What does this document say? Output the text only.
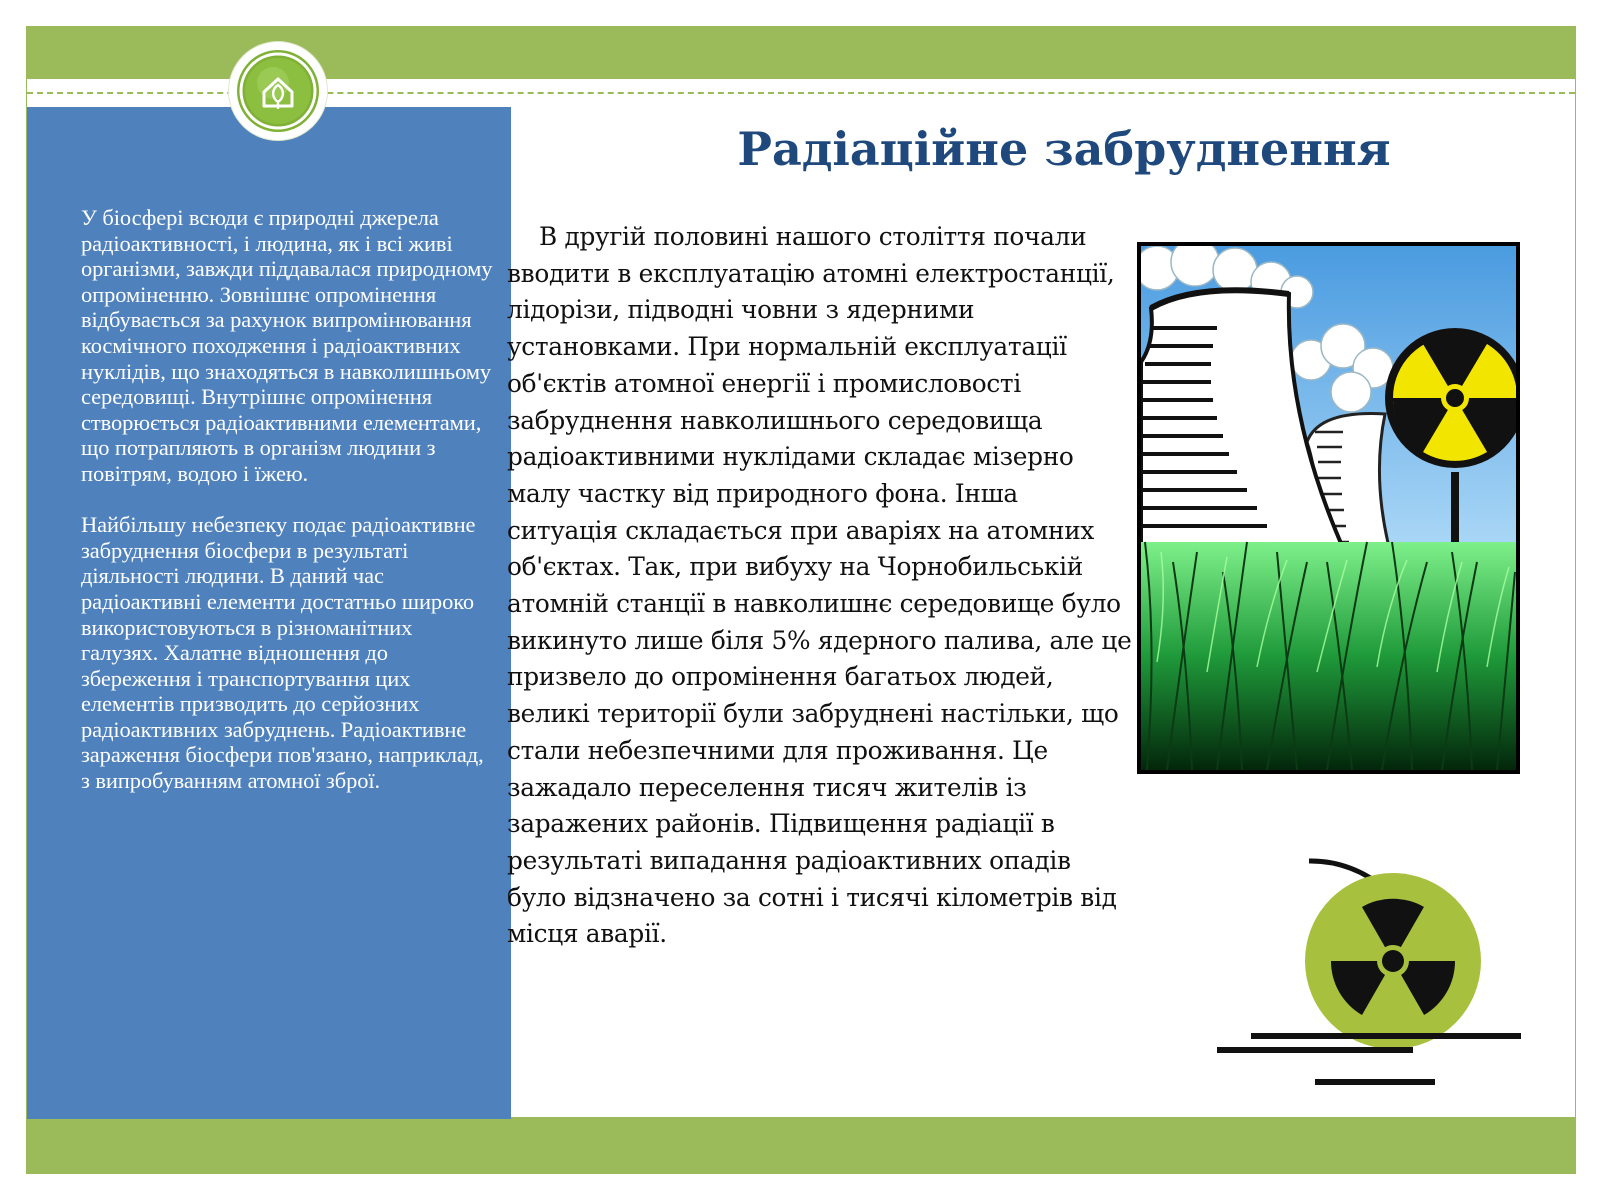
У біосфері всюди є природні джерела радіоактивності, і людина, як і всі живі організми, завжди піддавалася природному опроміненню. Зовнішнє опромінення відбувається за рахунок випромінювання космічного походження і радіоактивних нуклідів, що знаходяться в навколишньому середовищі. Внутрішнє опромінення створюється радіоактивними елементами, що потрапляють в організм людини з повітрям, водою і їжею.

Найбільшу небезпеку подає радіоактивне забруднення біосфери в результаті діяльності людини. В даний час радіоактивні елементи достатньо широко використовуються в різноманітних галузях. Халатне відношення до збереження і транспортування цих елементів призводить до серйозних радіоактивних забруднень. Радіоактивне зараження біосфери пов'язано, наприклад, з випробуванням атомної зброї.

Радіаційне забруднення

В другій половині нашого століття почали вводити в експлуатацію атомні електростанції, лідорізи, підводні човни з ядерними установками. При нормальній експлуатації об'єктів атомної енергії і промисловості забруднення навколишнього середовища радіоактивними нуклідами складає мізерно малу частку від природного фона. Інша ситуація складається при аваріях на атомних об'єктах. Так, при вибуху на Чорнобильській атомній станції в навколишнє середовище було викинуто лише біля 5% ядерного палива, але це призвело до опромінення багатьох людей, великі території були забруднені настільки, що стали небезпечними для проживання. Це зажадало переселення тисяч жителів із заражених районів. Підвищення радіації в результаті випадання радіоактивних опадів було відзначено за сотні і тисячі кілометрів від місця аварії.
